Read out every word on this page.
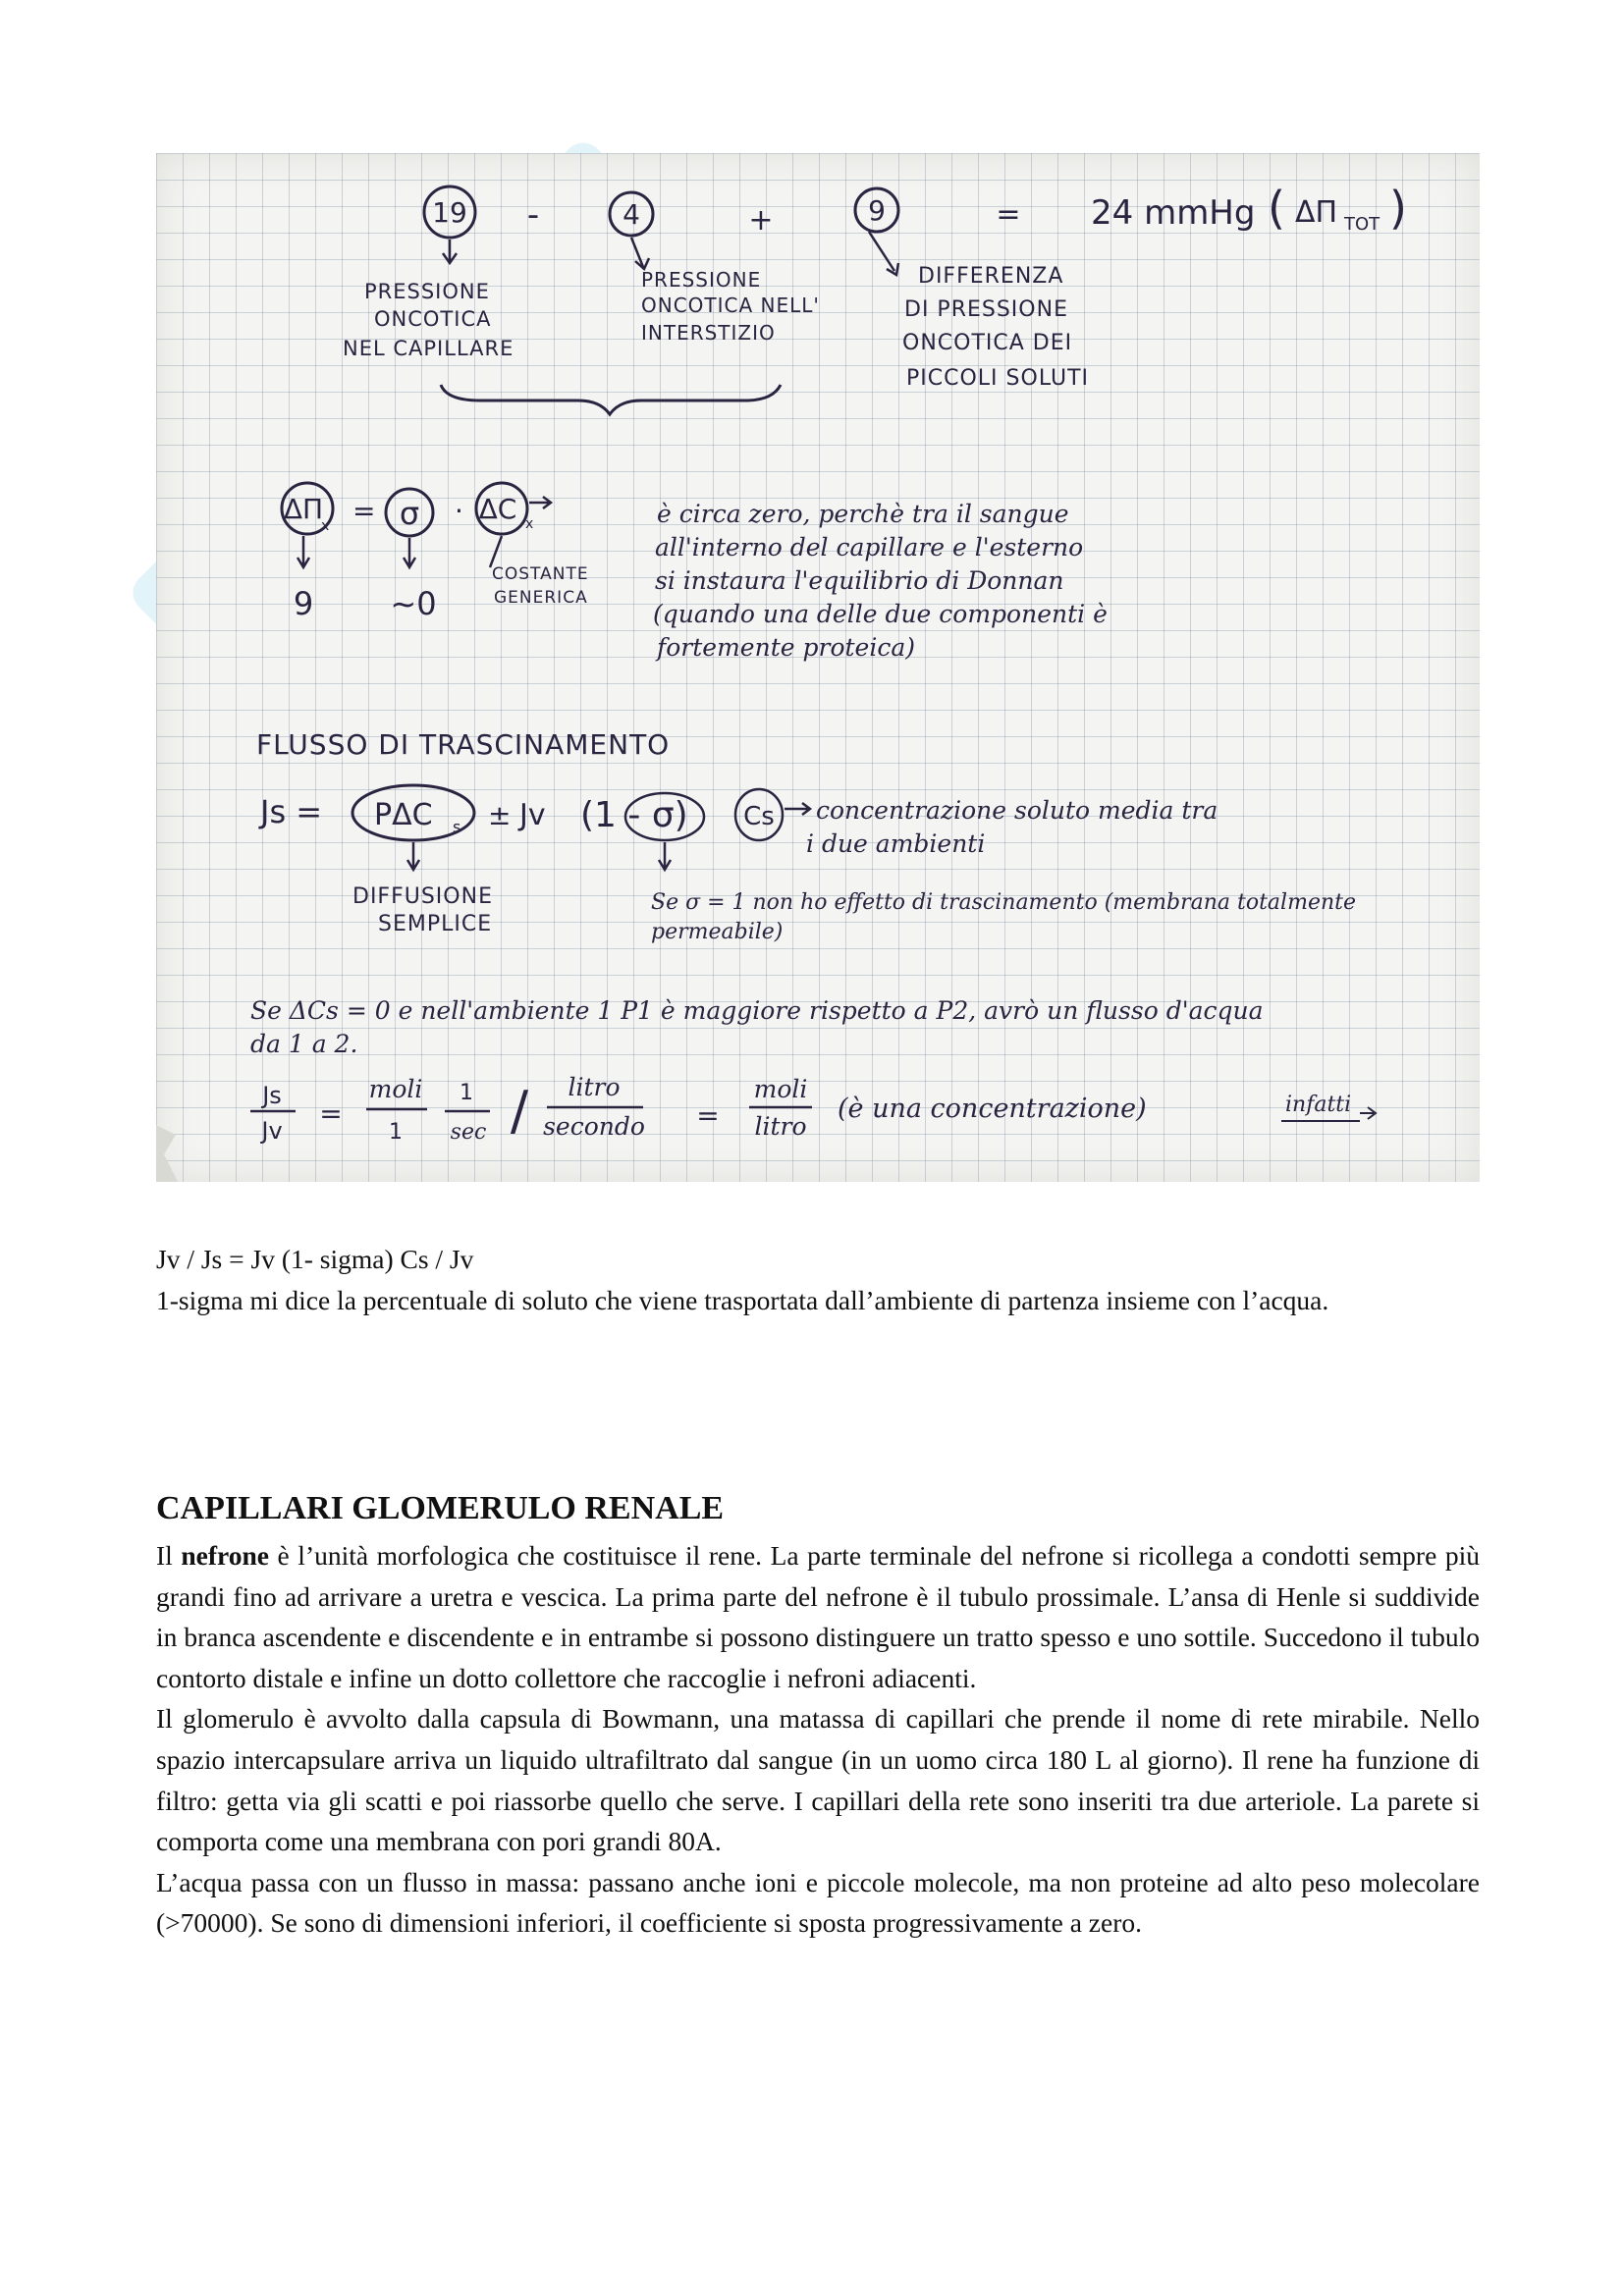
19 -	4	+	9	= 24 mmHg ( ΔΠ TOT )
PRESSIONE
ONCOTICA
NEL CAPILLARE
PRESSIONE
ONCOTICA NELL'
INTERSTIZIO
DIFFERENZA
DI PRESSIONE
ONCOTICA DEI
PICCOLI SOLUTI
ΔΠ
x = σ · ΔC x
9 ~0
COSTANTE
GENERICA
è circa zero, perchè tra il sangue
all'interno del capillare e l'esterno
si instaura l'equilibrio di Donnan
(quando una delle due componenti è
fortemente proteica)
FLUSSO DI TRASCINAMENTO
Js = PΔC s ± Jv (1 - σ) Cs concentrazione soluto media tra
i due ambienti
DIFFUSIONE
SEMPLICE
Se σ = 1 non ho effetto di trascinamento (membrana totalmente
permeabile)
Se ΔCs = 0 e nell'ambiente 1 P1 è maggiore rispetto a P2, avrò un flusso d'acqua
da 1 a 2.
Js
Jv
=
moli
1
1
sec / litro
secondo =
moli
litro
(è una concentrazione)	infatti

Jv / Js = Jv (1- sigma) Cs / Jv

1-sigma mi dice la percentuale di soluto che viene trasportata dall’ambiente di partenza insieme con l’acqua.

CAPILLARI GLOMERULO RENALE

Il nefrone è l’unità morfologica che costituisce il rene. La parte terminale del nefrone si ricollega a condotti sempre più grandi fino ad arrivare a uretra e vescica. La prima parte del nefrone è il tubulo prossimale. L’ansa di Henle si suddivide in branca ascendente e discendente e in entrambe si possono distinguere un tratto spesso e uno sottile. Succedono il tubulo contorto distale e infine un dotto collettore che raccoglie i nefroni adiacenti.

Il glomerulo è avvolto dalla capsula di Bowmann, una matassa di capillari che prende il nome di rete mirabile. Nello spazio intercapsulare arriva un liquido ultrafiltrato dal sangue (in un uomo circa 180 L al giorno). Il rene ha funzione di filtro: getta via gli scatti e poi riassorbe quello che serve. I capillari della rete sono inseriti tra due arteriole. La parete si comporta come una membrana con pori grandi 80A.

L’acqua passa con un flusso in massa: passano anche ioni e piccole molecole, ma non proteine ad alto peso molecolare (>70000). Se sono di dimensioni inferiori, il coefficiente si sposta progressivamente a zero.
